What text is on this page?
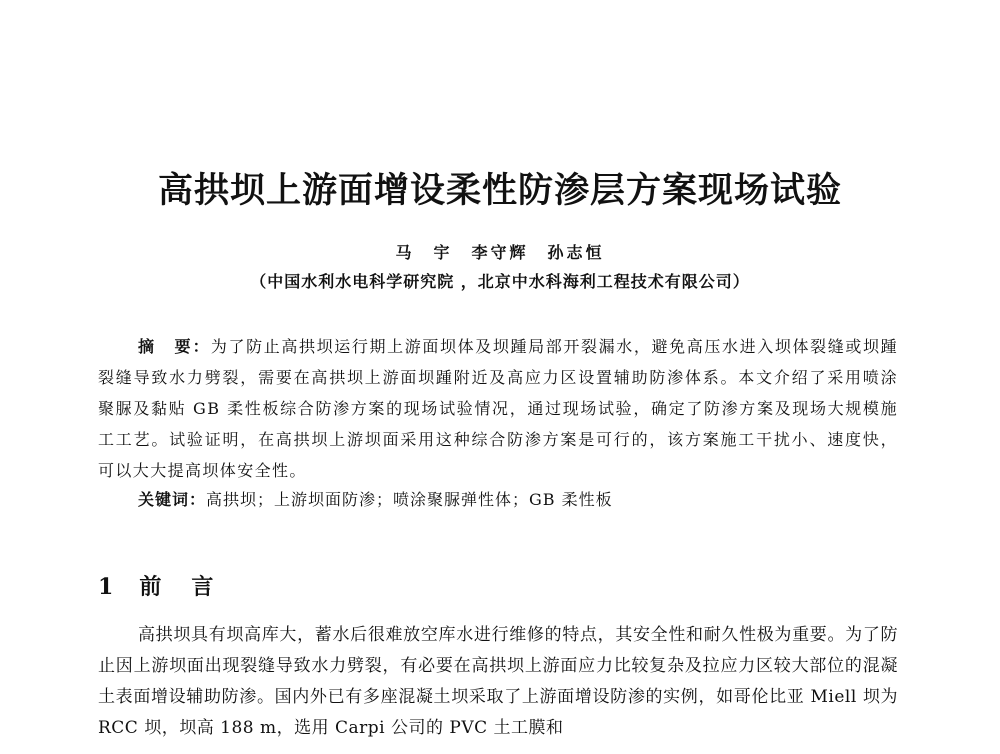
高拱坝上游面增设柔性防渗层方案现场试验
马　宇　李守辉　孙志恒
（中国水利水电科学研究院 ，北京中水科海利工程技术有限公司）

摘　要：为了防止高拱坝运行期上游面坝体及坝踵局部开裂漏水，避免高压水进入坝体裂缝或坝踵裂缝导致水力劈裂，需要在高拱坝上游面坝踵附近及高应力区设置辅助防渗体系。本文介绍了采用喷涂聚脲及黏贴 GB 柔性板综合防渗方案的现场试验情况，通过现场试验，确定了防渗方案及现场大规模施工工艺。试验证明，在高拱坝上游坝面采用这种综合防渗方案是可行的，该方案施工干扰小、速度快，可以大大提高坝体安全性。

关键词：高拱坝；上游坝面防渗；喷涂聚脲弹性体；GB 柔性板

1 前　言

高拱坝具有坝高库大，蓄水后很难放空库水进行维修的特点，其安全性和耐久性极为重要。为了防止因上游坝面出现裂缝导致水力劈裂，有必要在高拱坝上游面应力比较复杂及拉应力区较大部位的混凝土表面增设辅助防渗。国内外已有多座混凝土坝采取了上游面增设防渗的实例，如哥伦比亚 Miell 坝为 RCC 坝，坝高 188 m，选用 Carpi 公司的 PVC 土工膜和
